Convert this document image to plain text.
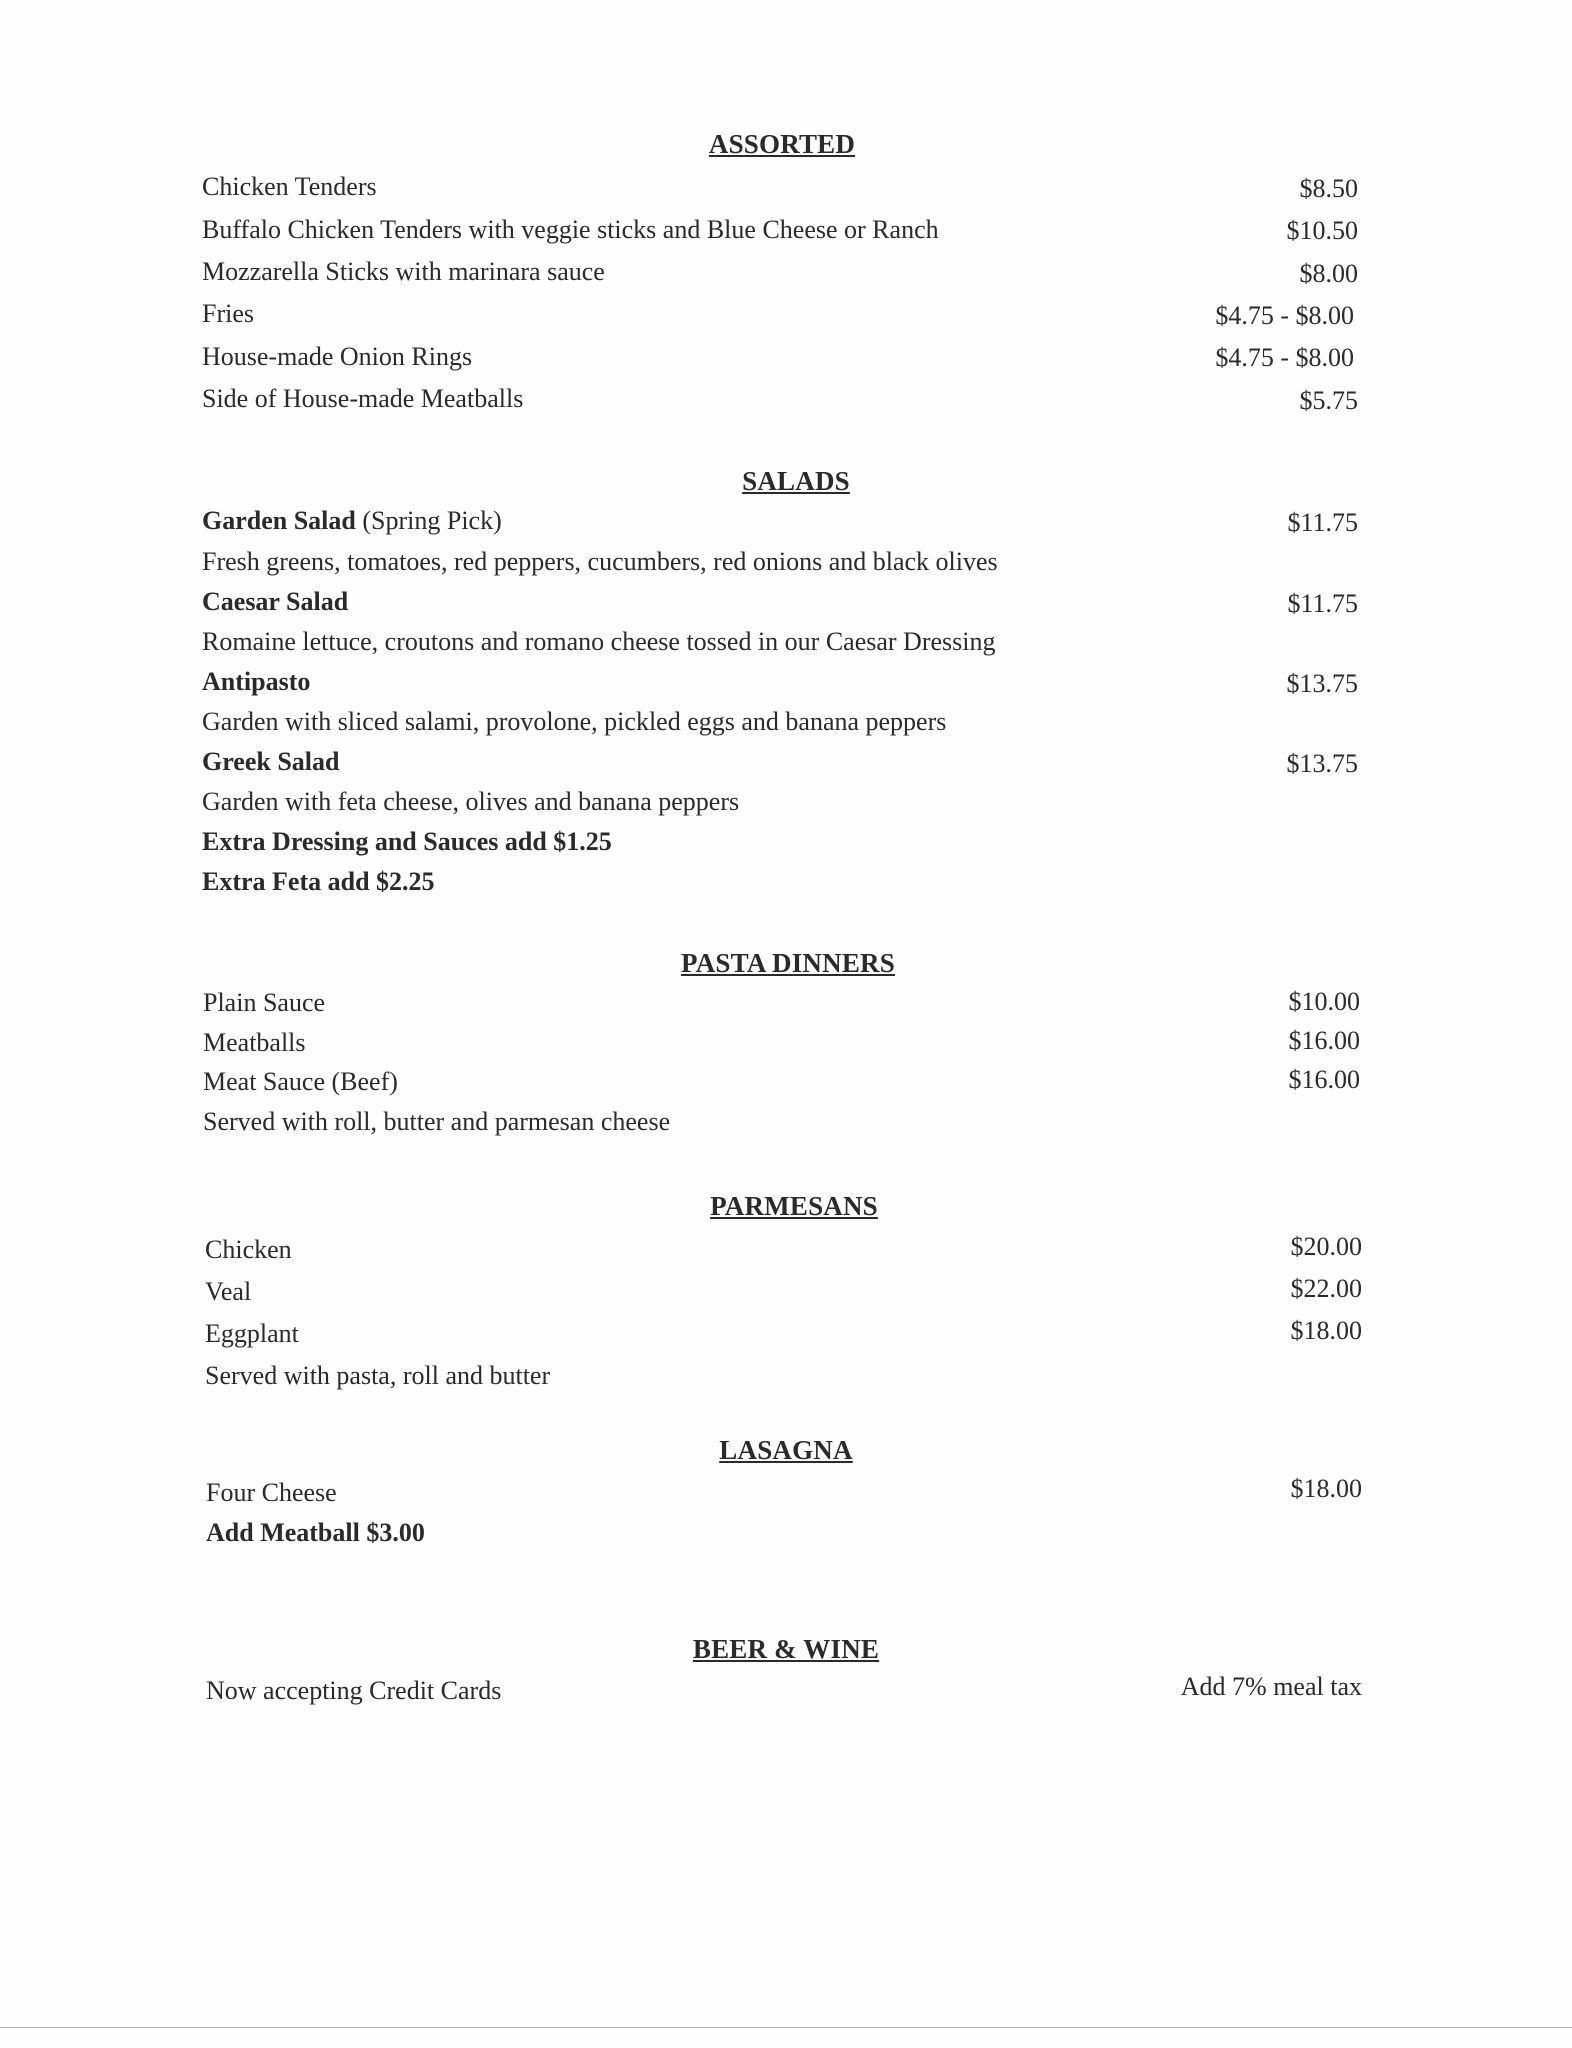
ASSORTED
Chicken Tenders	$8.50
Buffalo Chicken Tenders with veggie sticks and Blue Cheese or Ranch	$10.50
Mozzarella Sticks with marinara sauce	$8.00
Fries	$4.75 - $8.00
House-made Onion Rings	$4.75 - $8.00
Side of House-made Meatballs	$5.75
SALADS
Garden Salad (Spring Pick)	$11.75
Fresh greens, tomatoes, red peppers, cucumbers, red onions and black olives
Caesar Salad	$11.75
Romaine lettuce, croutons and romano cheese tossed in our Caesar Dressing
Antipasto	$13.75
Garden with sliced salami, provolone, pickled eggs and banana peppers
Greek Salad	$13.75
Garden with feta cheese, olives and banana peppers
Extra Dressing and Sauces add $1.25
Extra Feta add $2.25
PASTA DINNERS
Plain Sauce	$10.00
Meatballs	$16.00
Meat Sauce (Beef)	$16.00
Served with roll, butter and parmesan cheese
PARMESANS
Chicken	$20.00
Veal	$22.00
Eggplant	$18.00
Served with pasta, roll and butter
LASAGNA
Four Cheese	$18.00
Add Meatball $3.00
BEER & WINE
Now accepting Credit Cards	Add 7% meal tax
